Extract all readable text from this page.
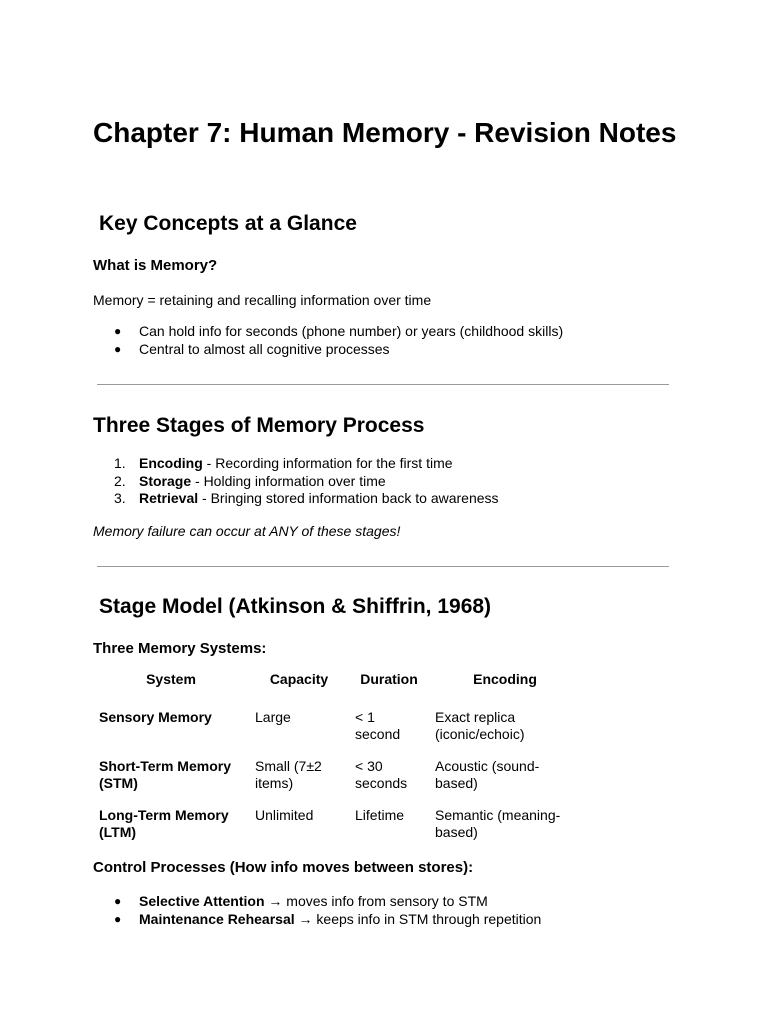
Chapter 7: Human Memory - Revision Notes
Key Concepts at a Glance
What is Memory?

Memory = retaining and recalling information over time

● Can hold info for seconds (phone number) or years (childhood skills)
● Central to almost all cognitive processes
Three Stages of Memory Process
1. Encoding - Recording information for the first time
2. Storage - Holding information over time
3. Retrieval - Bringing stored information back to awareness

Memory failure can occur at ANY of these stages!

Stage Model (Atkinson & Shiffrin, 1968)
Three Memory Systems:
System	Capacity	Duration	Encoding
Sensory Memory	Large	< 1 second	Exact replica (iconic/echoic)
Short-Term Memory (STM)	Small (7±2 items)	< 30 seconds	Acoustic (sound-based)
Long-Term Memory (LTM)	Unlimited	Lifetime	Semantic (meaning-based)
Control Processes (How info moves between stores):
● Selective Attention → moves info from sensory to STM
● Maintenance Rehearsal → keeps info in STM through repetition
